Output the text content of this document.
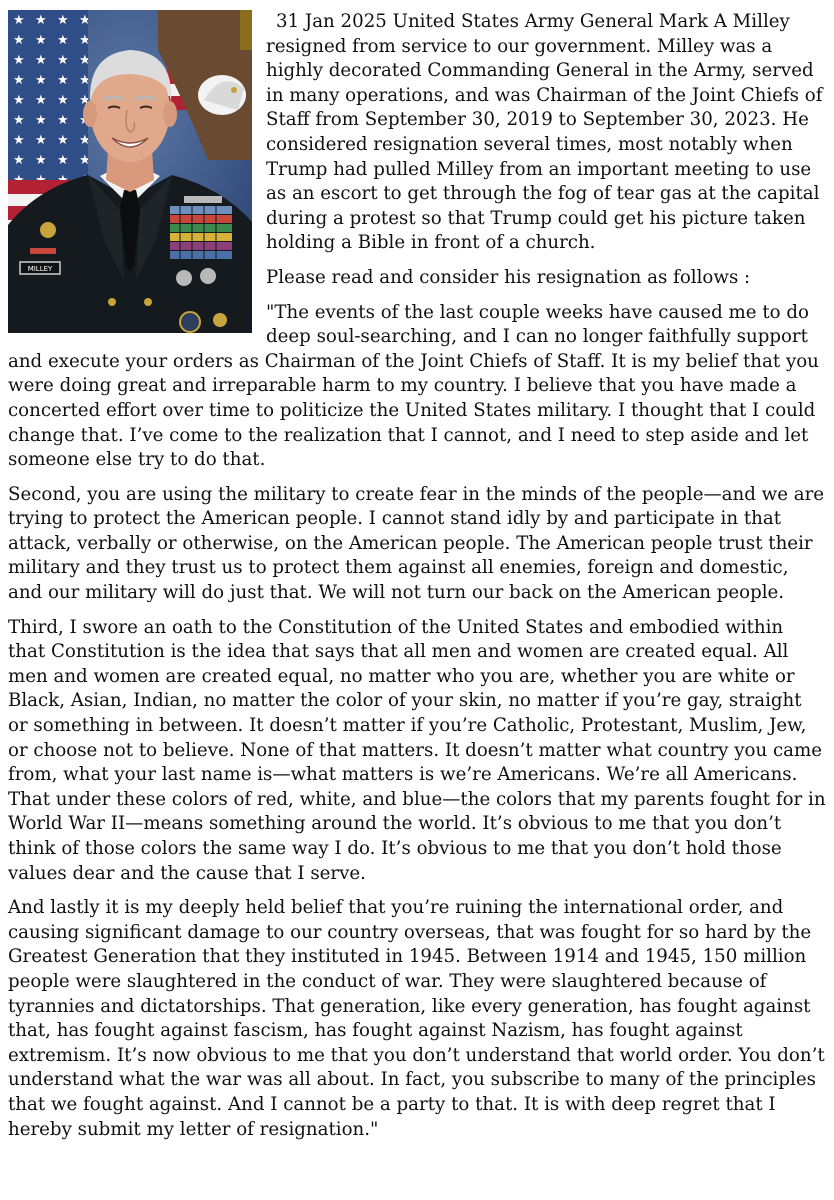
MILLEY

31 Jan 2025 United States Army General Mark A Milley resigned from service to our government. Milley was a highly decorated Commanding General in the Army, served in many operations, and was Chairman of the Joint Chiefs of Staff from September 30, 2019 to September 30, 2023. He considered resignation several times, most notably when Trump had pulled Milley from an important meeting to use as an escort to get through the fog of tear gas at the capital during a protest so that Trump could get his picture taken holding a Bible in front of a church.

Please read and consider his resignation as follows :

"The events of the last couple weeks have caused me to do deep soul-searching, and I can no longer faithfully support and execute your orders as Chairman of the Joint Chiefs of Staff. It is my belief that you were doing great and irreparable harm to my country. I believe that you have made a concerted effort over time to politicize the United States military. I thought that I could change that. I’ve come to the realization that I cannot, and I need to step aside and let someone else try to do that.

Second, you are using the military to create fear in the minds of the people—and we are trying to protect the American people. I cannot stand idly by and participate in that attack, verbally or otherwise, on the American people. The American people trust their military and they trust us to protect them against all enemies, foreign and domestic, and our military will do just that. We will not turn our back on the American people.

Third, I swore an oath to the Constitution of the United States and embodied within that Constitution is the idea that says that all men and women are created equal. All men and women are created equal, no matter who you are, whether you are white or Black, Asian, Indian, no matter the color of your skin, no matter if you’re gay, straight or something in between. It doesn’t matter if you’re Catholic, Protestant, Muslim, Jew, or choose not to believe. None of that matters. It doesn’t matter what country you came from, what your last name is—what matters is we’re Americans. We’re all Americans. That under these colors of red, white, and blue—the colors that my parents fought for in World War II—means something around the world. It’s obvious to me that you don’t think of those colors the same way I do. It’s obvious to me that you don’t hold those values dear and the cause that I serve.

And lastly it is my deeply held belief that you’re ruining the international order, and causing significant damage to our country overseas, that was fought for so hard by the Greatest Generation that they instituted in 1945. Between 1914 and 1945, 150 million people were slaughtered in the conduct of war. They were slaughtered because of tyrannies and dictatorships. That generation, like every generation, has fought against that, has fought against fascism, has fought against Nazism, has fought against extremism. It’s now obvious to me that you don’t understand that world order. You don’t understand what the war was all about. In fact, you subscribe to many of the principles that we fought against. And I cannot be a party to that. It is with deep regret that I hereby submit my letter of resignation."
